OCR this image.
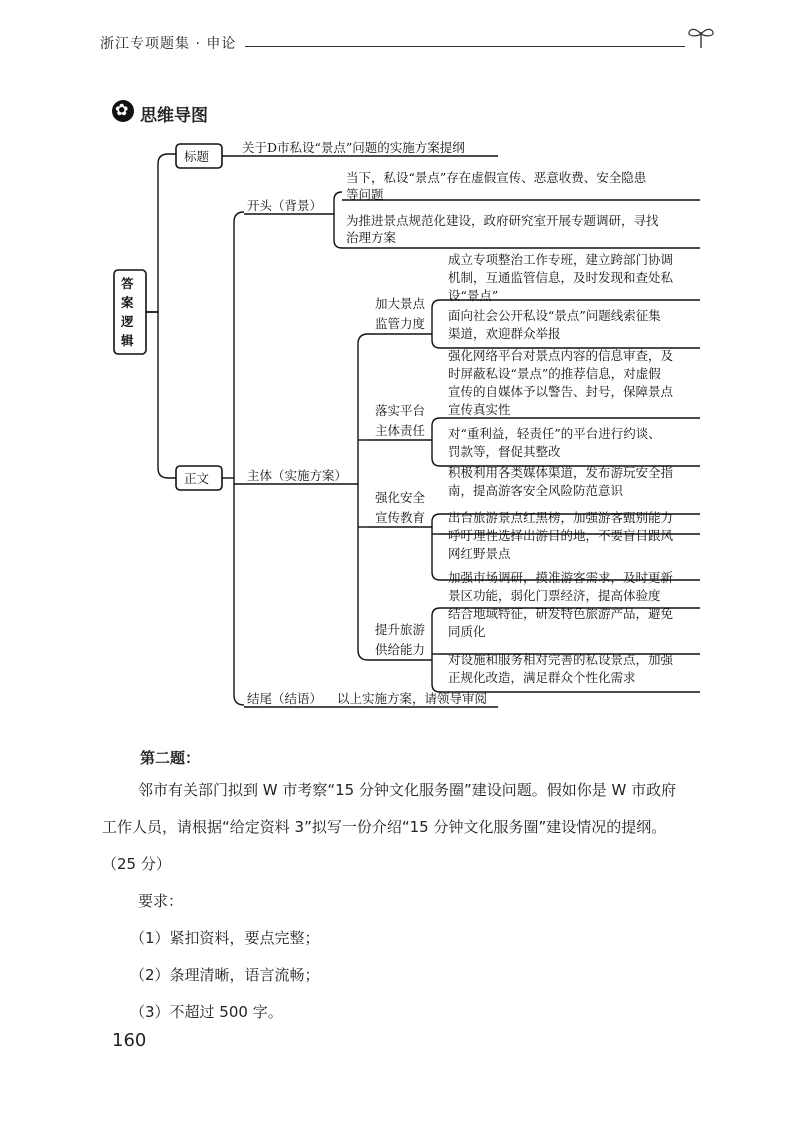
浙江专项题集 · 申论
✿
思维导图
答
案
逻
辑
标题
关于D市私设“景点”问题的实施方案提纲
正文
开头（背景）
当下，私设“景点”存在虚假宣传、恶意收费、安全隐患
等问题
为推进景点规范化建设，政府研究室开展专题调研，寻找
治理方案
主体（实施方案）
加大景点
监管力度
成立专项整治工作专班，建立跨部门协调
机制，互通监管信息，及时发现和查处私
设“景点”
面向社会公开私设“景点”问题线索征集
渠道，欢迎群众举报
落实平台
主体责任
强化网络平台对景点内容的信息审查，及
时屏蔽私设“景点”的推荐信息，对虚假
宣传的自媒体予以警告、封号，保障景点
宣传真实性
对“重利益，轻责任”的平台进行约谈、
罚款等，督促其整改
强化安全
宣传教育
积极利用各类媒体渠道，发布游玩安全指
南，提高游客安全风险防范意识
出台旅游景点红黑榜，加强游客甄别能力
呼吁理性选择出游目的地，不要盲目跟风
网红野景点
提升旅游
供给能力
加强市场调研，摸准游客需求，及时更新
景区功能，弱化门票经济，提高体验度
结合地域特征，研发特色旅游产品，避免
同质化
对设施和服务相对完善的私设景点，加强
正规化改造，满足群众个性化需求
结尾（结语） 以上实施方案，请领导审阅
第二题：

邻市有关部门拟到 W 市考察“15 分钟文化服务圈”建设问题。假如你是 W 市政府

工作人员，请根据“给定资料 3”拟写一份介绍“15 分钟文化服务圈”建设情况的提纲。

（25 分）

要求：

（1）紧扣资料，要点完整；

（2）条理清晰，语言流畅；

（3）不超过 500 字。

160
